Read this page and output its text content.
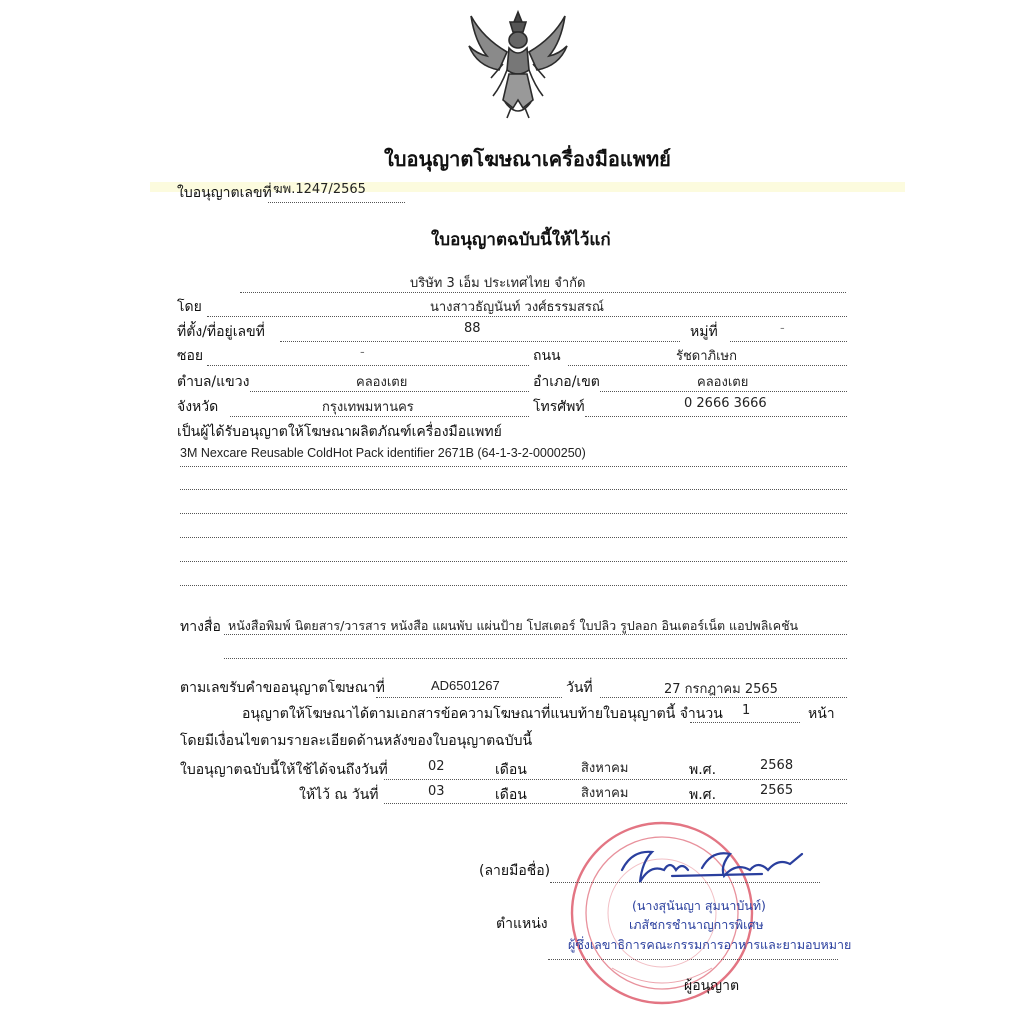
ใบอนุญาตโฆษณาเครื่องมือแพทย์
ใบอนุญาตเลขที่ ฆพ.1247/2565
ใบอนุญาตฉบับนี้ให้ไว้แก่
บริษัท 3 เอ็ม ประเทศไทย จำกัด
โดย	นางสาวธัญนันท์ วงศ์ธรรมสรณ์
ที่ตั้ง/ที่อยู่เลขที่	88	หมู่ที่	-
ซอย	-	ถนน	รัชดาภิเษก
ตำบล/แขวง	คลองเตย	อำเภอ/เขต	คลองเตย
จังหวัด	กรุงเทพมหานคร	โทรศัพท์	0 2666 3666
เป็นผู้ได้รับอนุญาตให้โฆษณาผลิตภัณฑ์เครื่องมือแพทย์
3M Nexcare Reusable ColdHot Pack identifier 2671B (64-1-3-2-0000250)
ทางสื่อ หนังสือพิมพ์ นิตยสาร/วารสาร หนังสือ แผนพับ แผ่นป้าย โปสเตอร์ ใบปลิว รูปลอก อินเตอร์เน็ต แอปพลิเคชัน
ตามเลขรับคำขออนุญาตโฆษณาที่	AD6501267	วันที่	27 กรกฎาคม 2565
อนุญาตให้โฆษณาได้ตามเอกสารข้อความโฆษณาที่แนบท้ายใบอนุญาตนี้ จำนวน 1	หน้า
โดยมีเงื่อนไขตามรายละเอียดด้านหลังของใบอนุญาตฉบับนี้
ใบอนุญาตฉบับนี้ให้ใช้ได้จนถึงวันที่	02	เดือน	สิงหาคม	พ.ศ.	2568
ให้ไว้ ณ วันที่	03	เดือน	สิงหาคม	พ.ศ.	2565
(ลายมือชื่อ)
ตำแหน่ง
(นางสุนันญา สุมนาบันท์)
เภสัชกรชำนาญการพิเศษ
ผู้ซึ่งเลขาธิการคณะกรรมการอาหารและยามอบหมาย
ผู้อนุญาต
